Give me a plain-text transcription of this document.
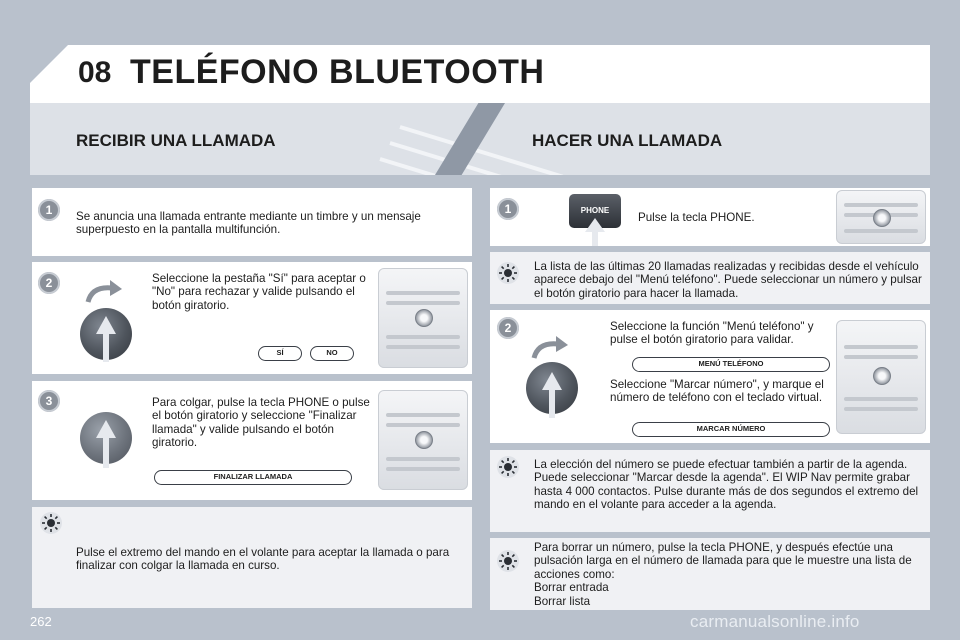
08 TELÉFONO BLUETOOTH
RECIBIR UNA LLAMADA	HACER UNA LLAMADA
1	Se anuncia una llamada entrante mediante un timbre y un mensaje superpuesto en la pantalla multifunción.
2	Seleccione la pestaña "Sí" para aceptar o "No" para rechazar y valide pulsando el botón giratorio.
SÍ	NO
3	Para colgar, pulse la tecla PHONE o pulse el botón giratorio y seleccione "Finalizar llamada" y valide pulsando el botón giratorio.
FINALIZAR LLAMADA
Pulse el extremo del mando en el volante para aceptar la llamada o para finalizar con colgar la llamada en curso.
1	PHONE
Pulse la tecla PHONE.
La lista de las últimas 20 llamadas realizadas y recibidas desde el vehículo aparece debajo del "Menú teléfono". Puede seleccionar un número y pulsar el botón giratorio para hacer la llamada.
2	Seleccione la función "Menú teléfono" y pulse el botón giratorio para validar.
MENÚ TELÉFONO
Seleccione "Marcar número", y marque el número de teléfono con el teclado virtual.
MARCAR NÚMERO
La elección del número se puede efectuar también a partir de la agenda. Puede seleccionar "Marcar desde la agenda". El WIP Nav permite grabar hasta 4 000 contactos. Pulse durante más de dos segundos el extremo del mando en el volante para acceder a la agenda.
Para borrar un número, pulse la tecla PHONE, y después efectúe una pulsación larga en el número de llamada para que le muestre una lista de acciones como:
Borrar entrada
Borrar lista
262	carmanualsonline.info
